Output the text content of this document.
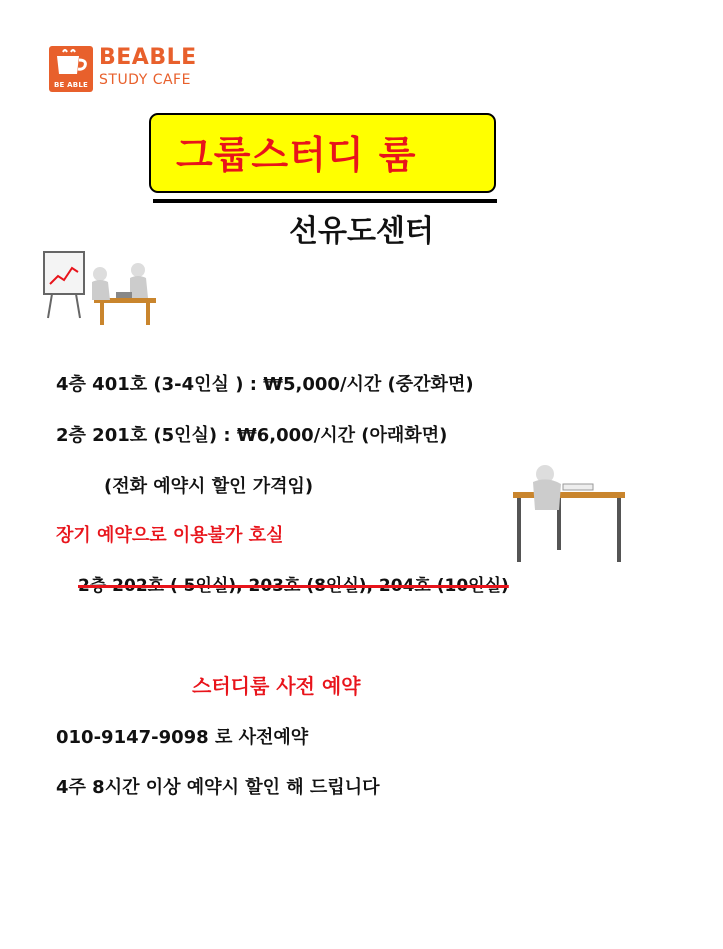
BE ABLE
BEABLE
STUDY CAFE
그룹스터디 룸
선유도센터
4층 401호 (3-4인실 ) : ₩5,000/시간 (중간화면)
2층 201호 (5인실) : ₩6,000/시간 (아래화면)
(전화 예약시 할인 가격임)
장기 예약으로 이용불가 호실
2층 202호 ( 5인실), 203호 (8인실), 204호 (10인실)
스터디룸 사전 예약
010-9147-9098 로 사전예약
4주 8시간 이상 예약시 할인 해 드립니다
